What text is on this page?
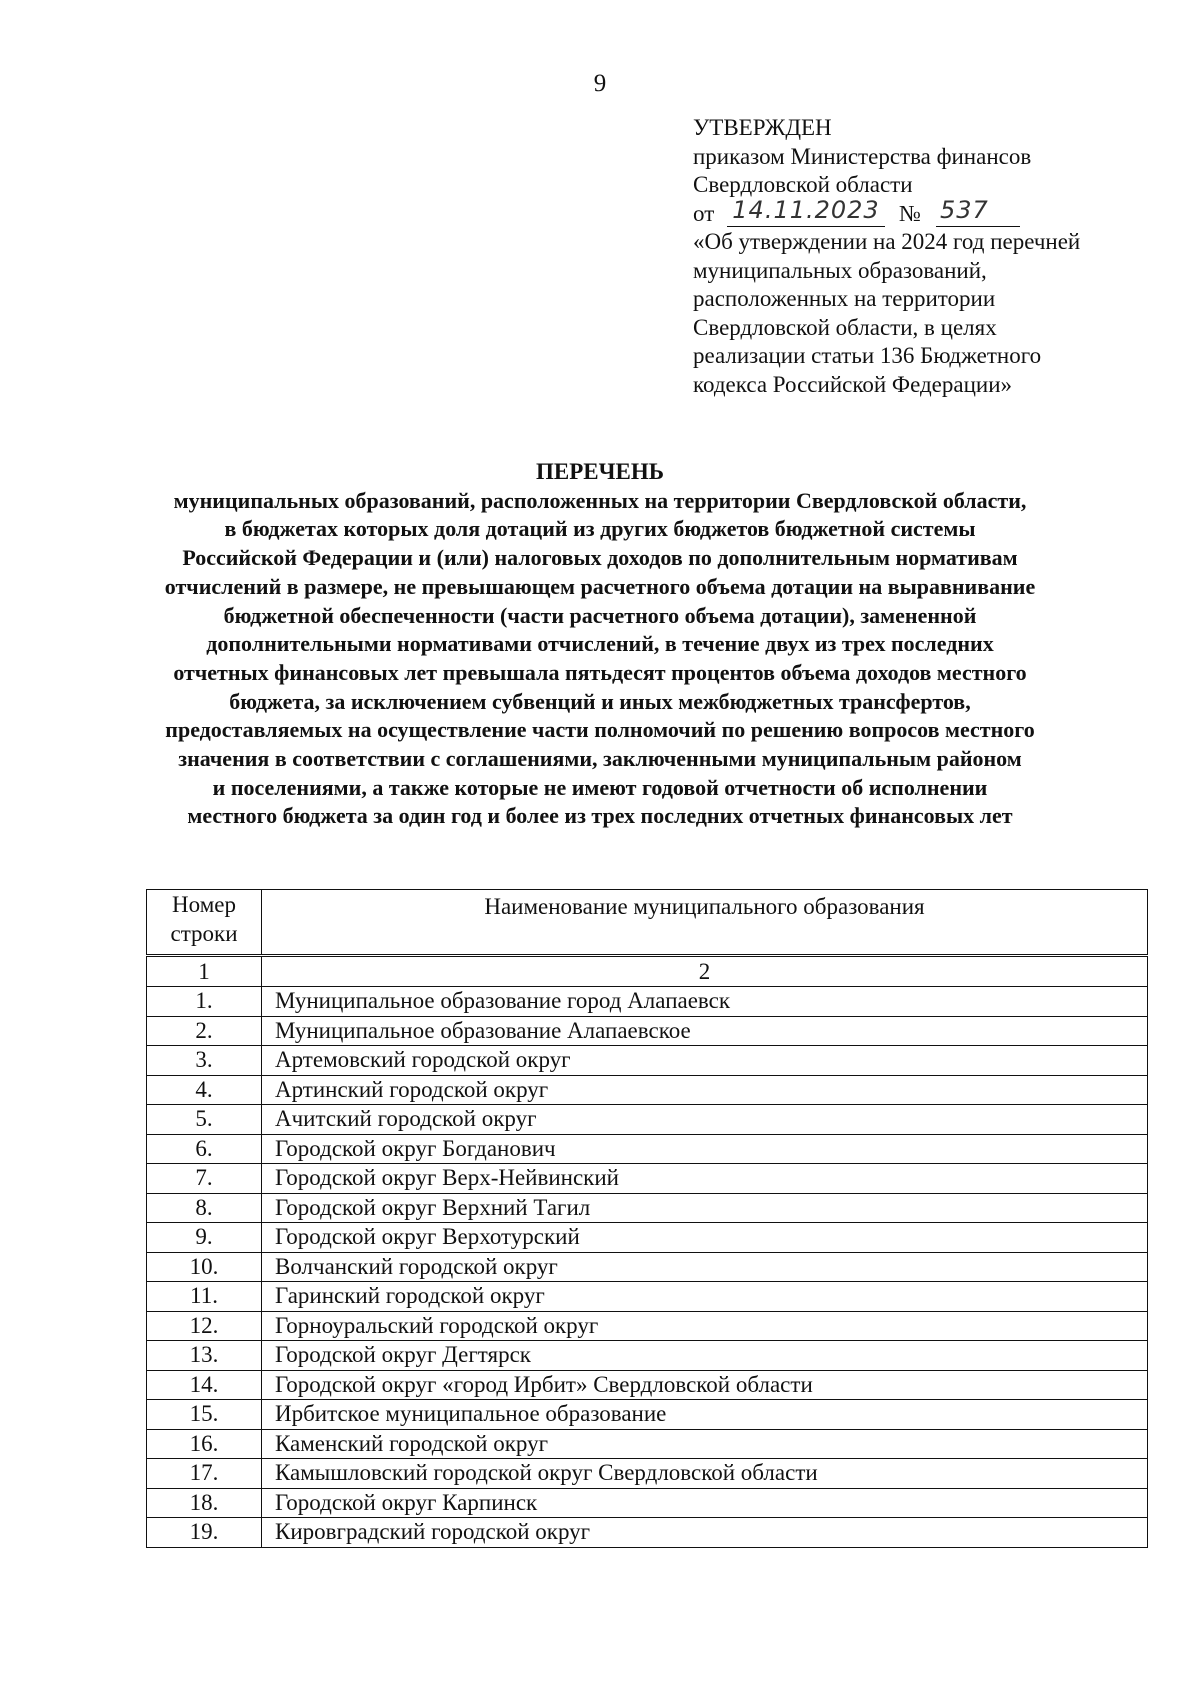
9
УТВЕРЖДЕН
приказом Министерства финансов
Свердловской области
от 14.11.2023 № 537
«Об утверждении на 2024 год перечней
муниципальных образований,
расположенных на территории
Свердловской области, в целях
реализации статьи 136 Бюджетного
кодекса Российской Федерации»
ПЕРЕЧЕНЬ
муниципальных образований, расположенных на территории Свердловской области,
в бюджетах которых доля дотаций из других бюджетов бюджетной системы
Российской Федерации и (или) налоговых доходов по дополнительным нормативам
отчислений в размере, не превышающем расчетного объема дотации на выравнивание
бюджетной обеспеченности (части расчетного объема дотации), замененной
дополнительными нормативами отчислений, в течение двух из трех последних
отчетных финансовых лет превышала пятьдесят процентов объема доходов местного
бюджета, за исключением субвенций и иных межбюджетных трансфертов,
предоставляемых на осуществление части полномочий по решению вопросов местного
значения в соответствии с соглашениями, заключенными муниципальным районом
и поселениями, а также которые не имеют годовой отчетности об исполнении
местного бюджета за один год и более из трех последних отчетных финансовых лет
Номер
строки	Наименование муниципального образования
1	2
1.	Муниципальное образование город Алапаевск
2.	Муниципальное образование Алапаевское
3.	Артемовский городской округ
4.	Артинский городской округ
5.	Ачитский городской округ
6.	Городской округ Богданович
7.	Городской округ Верх-Нейвинский
8.	Городской округ Верхний Тагил
9.	Городской округ Верхотурский
10.	Волчанский городской округ
11.	Гаринский городской округ
12.	Горноуральский городской округ
13.	Городской округ Дегтярск
14.	Городской округ «город Ирбит» Свердловской области
15.	Ирбитское муниципальное образование
16.	Каменский городской округ
17.	Камышловский городской округ Свердловской области
18.	Городской округ Карпинск
19.	Кировградский городской округ
